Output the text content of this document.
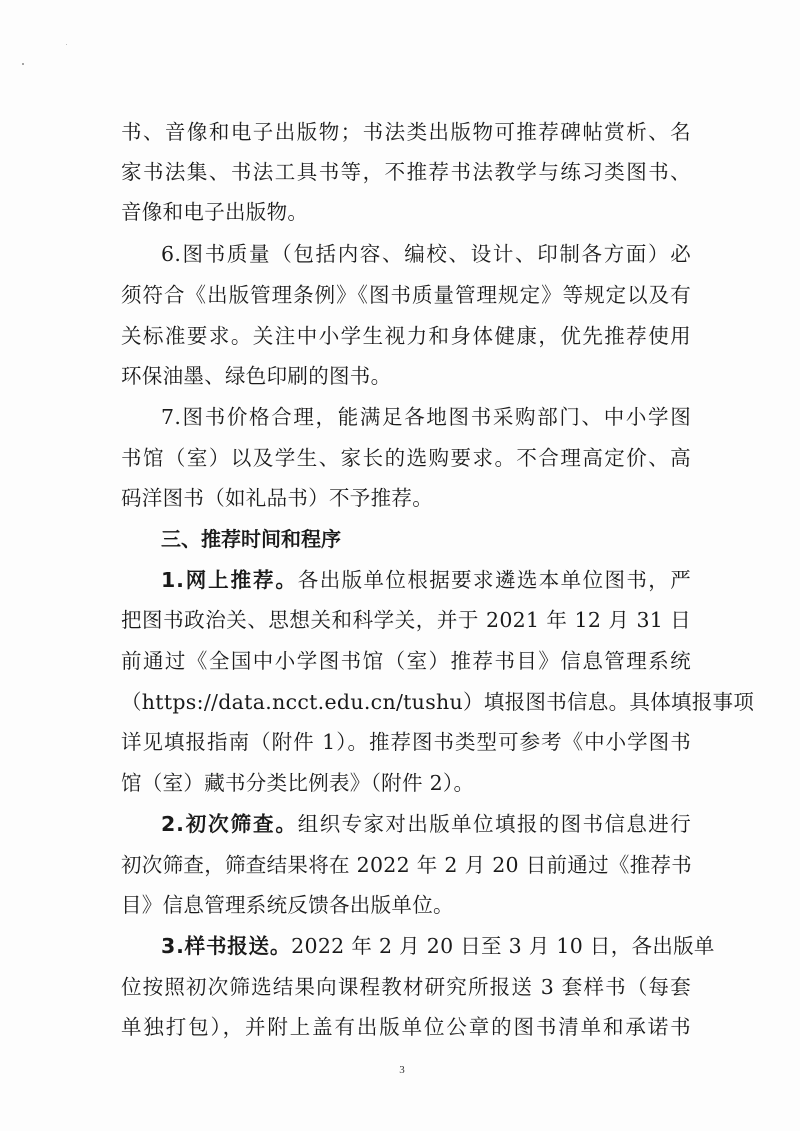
书、音像和电子出版物；书法类出版物可推荐碑帖赏析、名
家书法集、书法工具书等，不推荐书法教学与练习类图书、
音像和电子出版物。
6.图书质量（包括内容、编校、设计、印制各方面）必
须符合《出版管理条例》《图书质量管理规定》等规定以及有
关标准要求。关注中小学生视力和身体健康，优先推荐使用
环保油墨、绿色印刷的图书。
7.图书价格合理，能满足各地图书采购部门、中小学图
书馆（室）以及学生、家长的选购要求。不合理高定价、高
码洋图书（如礼品书）不予推荐。
三、推荐时间和程序
1.网上推荐。各出版单位根据要求遴选本单位图书，严
把图书政治关、思想关和科学关，并于 2021 年 12 月 31 日
前通过《全国中小学图书馆（室）推荐书目》信息管理系统
（https://data.ncct.edu.cn/tushu）填报图书信息。具体填报事项
详见填报指南（附件 1）。推荐图书类型可参考《中小学图书
馆（室）藏书分类比例表》（附件 2）。
2.初次筛查。组织专家对出版单位填报的图书信息进行
初次筛查，筛查结果将在 2022 年 2 月 20 日前通过《推荐书
目》信息管理系统反馈各出版单位。
3.样书报送。2022 年 2 月 20 日至 3 月 10 日，各出版单
位按照初次筛选结果向课程教材研究所报送 3 套样书（每套
单独打包），并附上盖有出版单位公章的图书清单和承诺书
3
